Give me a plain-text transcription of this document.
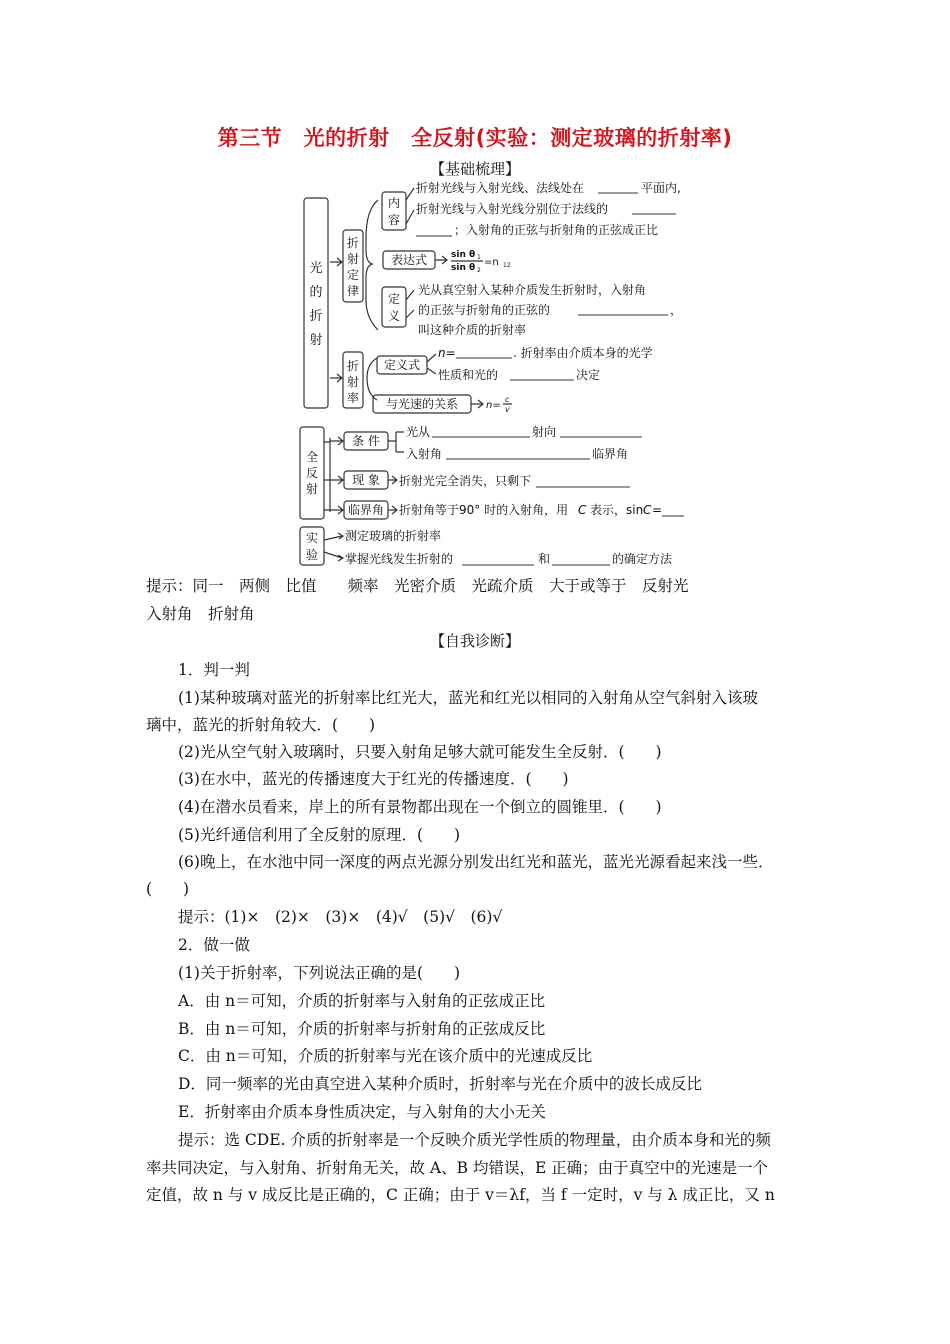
第三节　光的折射　全反射(实验：测定玻璃的折射率)
【基础梳理】
光
的
折
射
折
射
定
律
内
容
折射光线与入射光线、法线处在	平面内,
折射光线与入射光线分别位于法线的
；入射角的正弦与折射角的正弦成正比
表达式	sin θ 1
sin θ 2
=n 12
定
义
光从真空射入某种介质发生折射时，入射角
的正弦与折射角的正弦的	，
叫这种介质的折射率
折
射
率
定义式
n=	. 折射率由介质本身的光学
性质和光的	决定
与光速的关系	n=
c
v
全
反
射
条 件
光从	射向
入射角	临界角
现 象 折射光完全消失，只剩下
临界角 折射角等于90° 时的入射角，用 C 表示，sin C =
实
验
测定玻璃的折射率
掌握光线发生折射的	和	的确定方法
提示：同一　两侧　比值　　频率　光密介质　光疏介质　大于或等于　反射光
入射角　折射角
【自我诊断】
1．判一判
(1)某种玻璃对蓝光的折射率比红光大，蓝光和红光以相同的入射角从空气斜射入该玻
璃中，蓝光的折射角较大．(　　)
(2)光从空气射入玻璃时，只要入射角足够大就可能发生全反射．(　　)
(3)在水中，蓝光的传播速度大于红光的传播速度．(　　)
(4)在潜水员看来，岸上的所有景物都出现在一个倒立的圆锥里．(　　)
(5)光纤通信利用了全反射的原理．(　　)
(6)晚上，在水池中同一深度的两点光源分别发出红光和蓝光，蓝光光源看起来浅一些．
(　　)
提示：(1)×　(2)×　(3)×　(4)√　(5)√　(6)√
2．做一做
(1)关于折射率，下列说法正确的是(　　)
A．由 n＝可知，介质的折射率与入射角的正弦成正比
B．由 n＝可知，介质的折射率与折射角的正弦成反比
C．由 n＝可知，介质的折射率与光在该介质中的光速成反比
D．同一频率的光由真空进入某种介质时，折射率与光在介质中的波长成反比
E．折射率由介质本身性质决定，与入射角的大小无关
提示：选 CDE. 介质的折射率是一个反映介质光学性质的物理量，由介质本身和光的频
率共同决定，与入射角、折射角无关，故 A、B 均错误，E 正确；由于真空中的光速是一个
定值，故 n 与 v 成反比是正确的，C 正确；由于 v＝λf，当 f 一定时，v 与 λ 成正比，又 n
